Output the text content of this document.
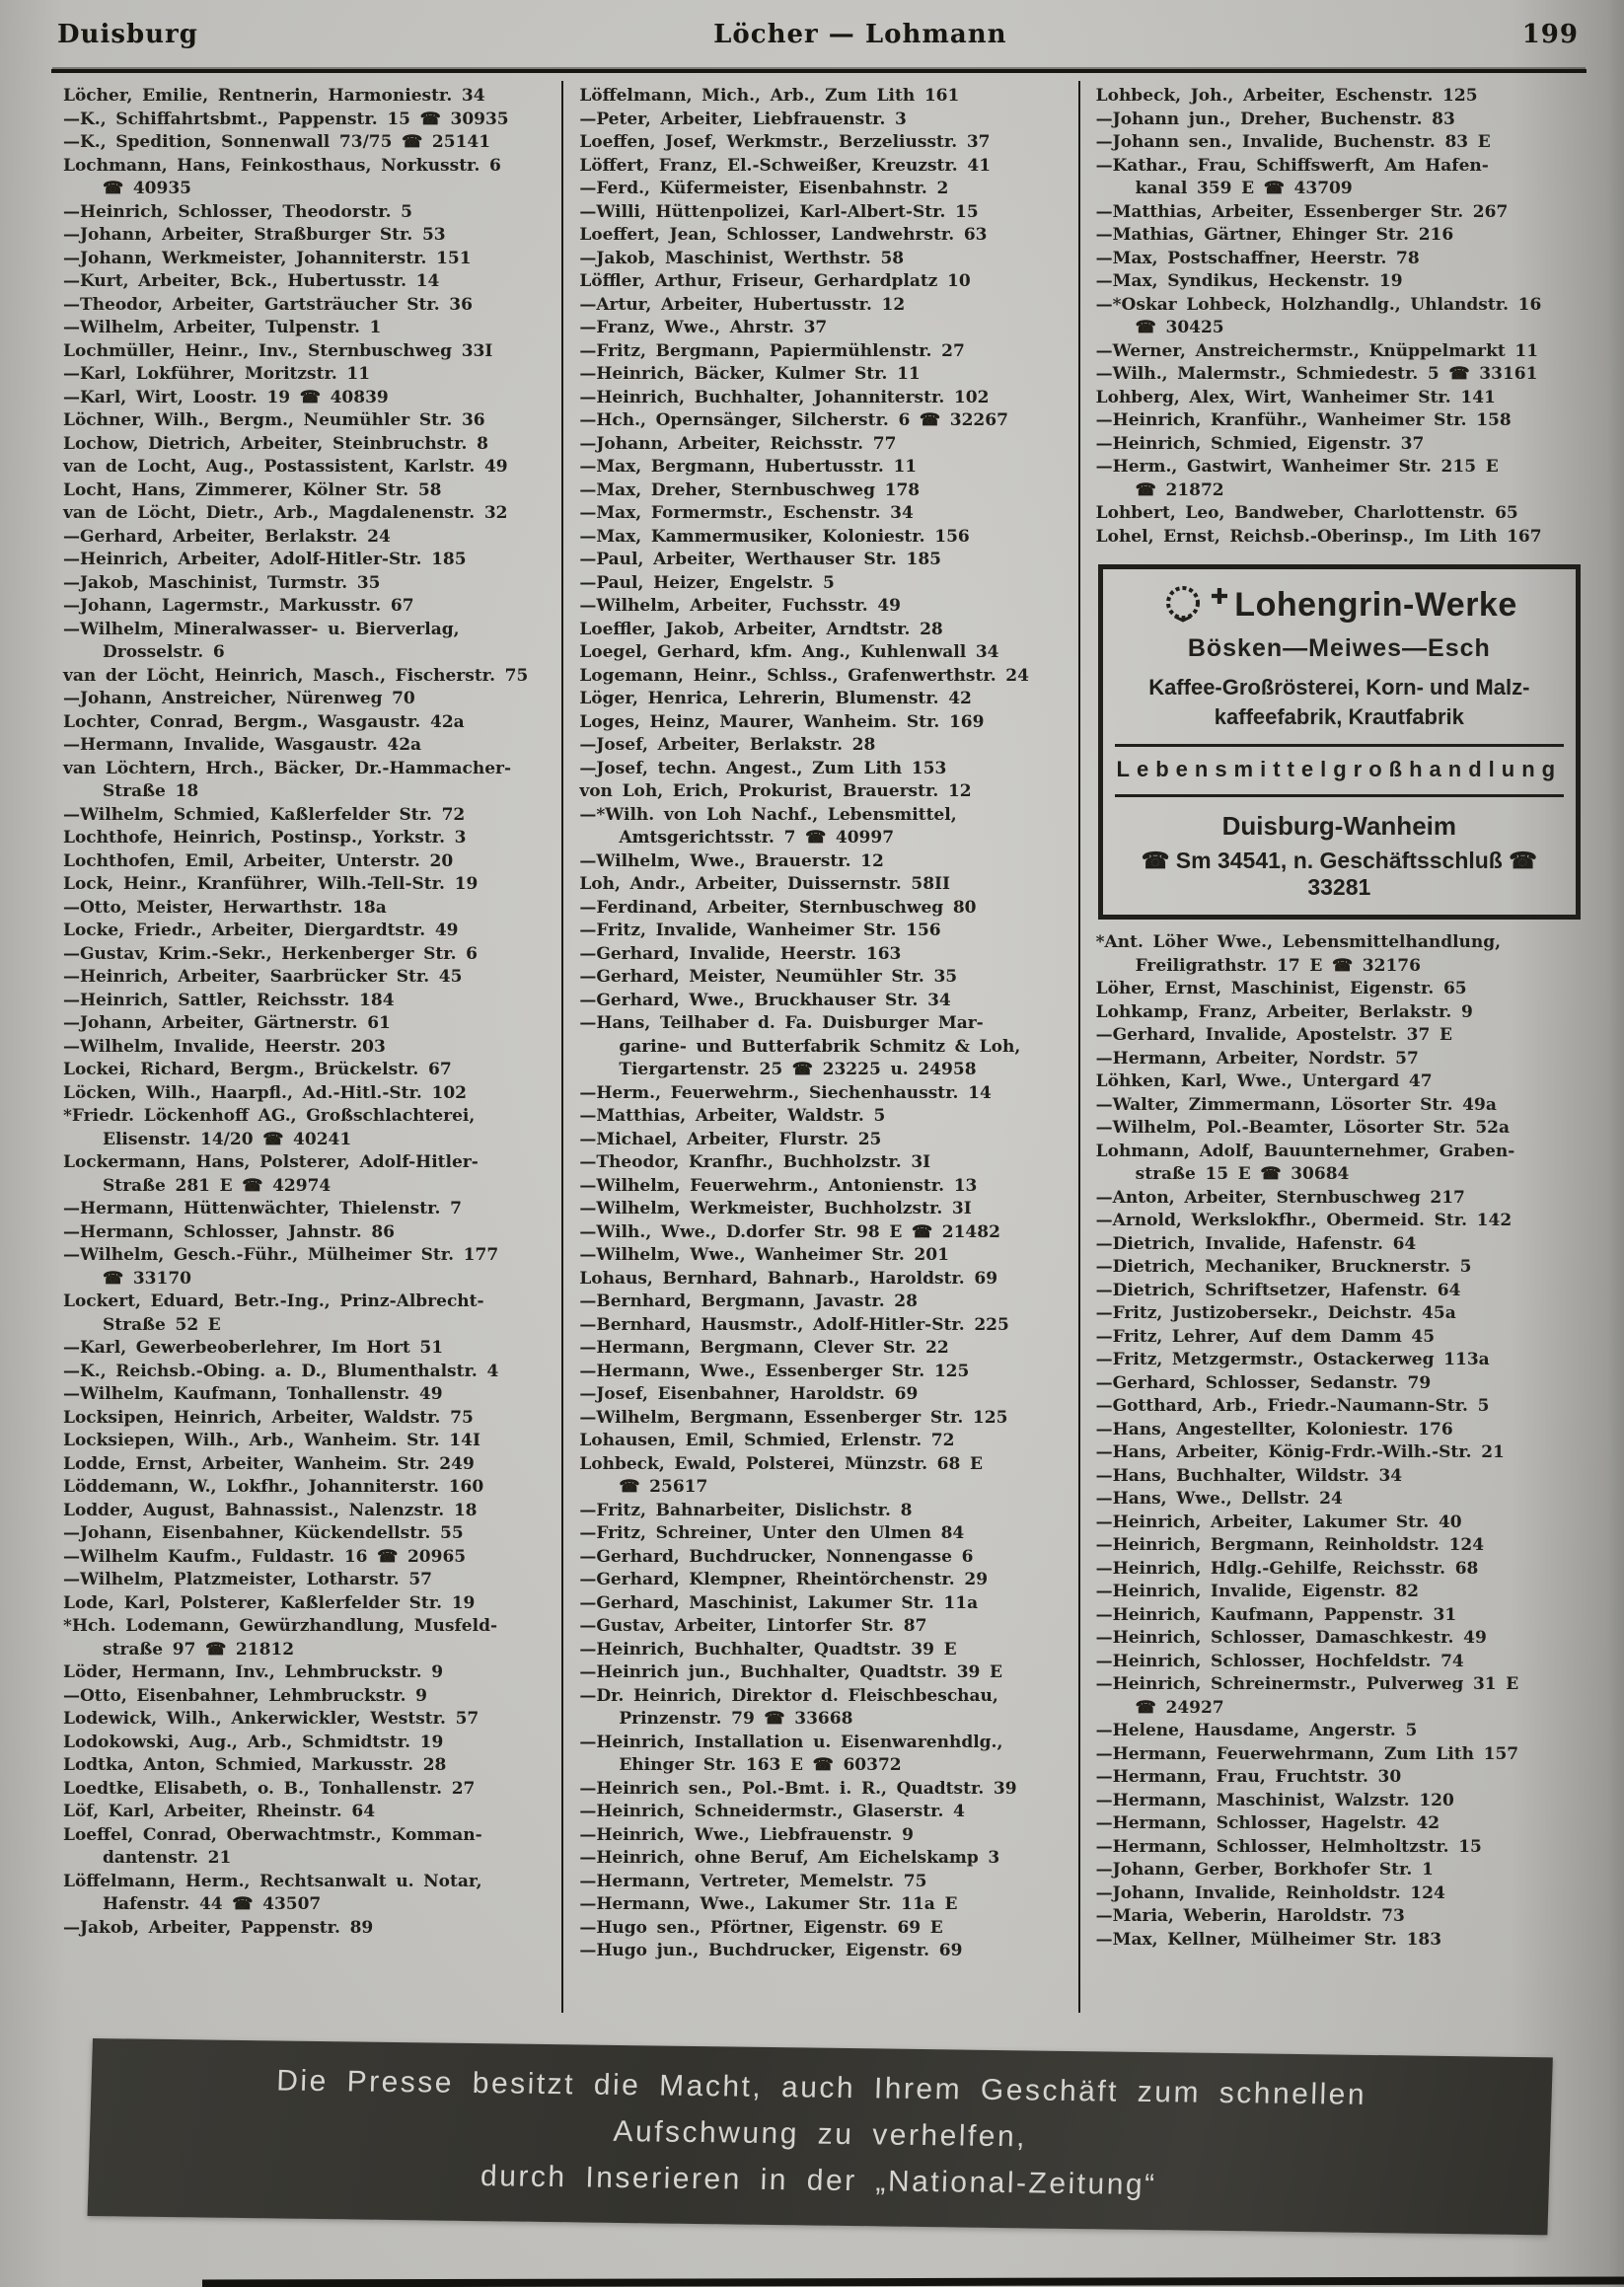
Duisburg	Löcher — Lohmann	199

Löcher, Emilie, Rentnerin, Harmoniestr. 34

—K., Schiffahrtsbmt., Pappenstr. 15 ☎ 30935

—K., Spedition, Sonnenwall 73/75 ☎ 25141

Lochmann, Hans, Feinkosthaus, Norkusstr. 6
☎ 40935

—Heinrich, Schlosser, Theodorstr. 5

—Johann, Arbeiter, Straßburger Str. 53

—Johann, Werkmeister, Johanniterstr. 151

—Kurt, Arbeiter, Bck., Hubertusstr. 14

—Theodor, Arbeiter, Gartsträucher Str. 36

—Wilhelm, Arbeiter, Tulpenstr. 1

Lochmüller, Heinr., Inv., Sternbuschweg 33I

—Karl, Lokführer, Moritzstr. 11

—Karl, Wirt, Loostr. 19 ☎ 40839

Löchner, Wilh., Bergm., Neumühler Str. 36

Lochow, Dietrich, Arbeiter, Steinbruchstr. 8

van de Locht, Aug., Postassistent, Karlstr. 49

Locht, Hans, Zimmerer, Kölner Str. 58

van de Löcht, Dietr., Arb., Magdalenenstr. 32

—Gerhard, Arbeiter, Berlakstr. 24

—Heinrich, Arbeiter, Adolf-Hitler-Str. 185

—Jakob, Maschinist, Turmstr. 35

—Johann, Lagermstr., Markusstr. 67

—Wilhelm, Mineralwasser- u. Bierverlag,
Drosselstr. 6

van der Löcht, Heinrich, Masch., Fischerstr. 75

—Johann, Anstreicher, Nürenweg 70

Lochter, Conrad, Bergm., Wasgaustr. 42a

—Hermann, Invalide, Wasgaustr. 42a

van Löchtern, Hrch., Bäcker, Dr.-Hammacher-
Straße 18

—Wilhelm, Schmied, Kaßlerfelder Str. 72

Lochthofe, Heinrich, Postinsp., Yorkstr. 3

Lochthofen, Emil, Arbeiter, Unterstr. 20

Lock, Heinr., Kranführer, Wilh.-Tell-Str. 19

—Otto, Meister, Herwarthstr. 18a

Locke, Friedr., Arbeiter, Diergardtstr. 49

—Gustav, Krim.-Sekr., Herkenberger Str. 6

—Heinrich, Arbeiter, Saarbrücker Str. 45

—Heinrich, Sattler, Reichsstr. 184

—Johann, Arbeiter, Gärtnerstr. 61

—Wilhelm, Invalide, Heerstr. 203

Lockei, Richard, Bergm., Brückelstr. 67

Löcken, Wilh., Haarpfl., Ad.-Hitl.-Str. 102

*Friedr. Löckenhoff AG., Großschlachterei,
Elisenstr. 14/20 ☎ 40241

Lockermann, Hans, Polsterer, Adolf-Hitler-
Straße 281 E ☎ 42974

—Hermann, Hüttenwächter, Thielenstr. 7

—Hermann, Schlosser, Jahnstr. 86

—Wilhelm, Gesch.-Führ., Mülheimer Str. 177
☎ 33170

Lockert, Eduard, Betr.-Ing., Prinz-Albrecht-
Straße 52 E

—Karl, Gewerbeoberlehrer, Im Hort 51

—K., Reichsb.-Obing. a. D., Blumenthalstr. 4

—Wilhelm, Kaufmann, Tonhallenstr. 49

Locksipen, Heinrich, Arbeiter, Waldstr. 75

Locksiepen, Wilh., Arb., Wanheim. Str. 14I

Lodde, Ernst, Arbeiter, Wanheim. Str. 249

Löddemann, W., Lokfhr., Johanniterstr. 160

Lodder, August, Bahnassist., Nalenzstr. 18

—Johann, Eisenbahner, Kückendellstr. 55

—Wilhelm Kaufm., Fuldastr. 16 ☎ 20965

—Wilhelm, Platzmeister, Lotharstr. 57

Lode, Karl, Polsterer, Kaßlerfelder Str. 19

*Hch. Lodemann, Gewürzhandlung, Musfeld-
straße 97 ☎ 21812

Löder, Hermann, Inv., Lehmbruckstr. 9

—Otto, Eisenbahner, Lehmbruckstr. 9

Lodewick, Wilh., Ankerwickler, Weststr. 57

Lodokowski, Aug., Arb., Schmidtstr. 19

Lodtka, Anton, Schmied, Markusstr. 28

Loedtke, Elisabeth, o. B., Tonhallenstr. 27

Löf, Karl, Arbeiter, Rheinstr. 64

Loeffel, Conrad, Oberwachtmstr., Komman-
dantenstr. 21

Löffelmann, Herm., Rechtsanwalt u. Notar,
Hafenstr. 44 ☎ 43507

—Jakob, Arbeiter, Pappenstr. 89

Löffelmann, Mich., Arb., Zum Lith 161

—Peter, Arbeiter, Liebfrauenstr. 3

Loeffen, Josef, Werkmstr., Berzeliusstr. 37

Löffert, Franz, El.-Schweißer, Kreuzstr. 41

—Ferd., Küfermeister, Eisenbahnstr. 2

—Willi, Hüttenpolizei, Karl-Albert-Str. 15

Loeffert, Jean, Schlosser, Landwehrstr. 63

—Jakob, Maschinist, Werthstr. 58

Löffler, Arthur, Friseur, Gerhardplatz 10

—Artur, Arbeiter, Hubertusstr. 12

—Franz, Wwe., Ahrstr. 37

—Fritz, Bergmann, Papiermühlenstr. 27

—Heinrich, Bäcker, Kulmer Str. 11

—Heinrich, Buchhalter, Johanniterstr. 102

—Hch., Opernsänger, Silcherstr. 6 ☎ 32267

—Johann, Arbeiter, Reichsstr. 77

—Max, Bergmann, Hubertusstr. 11

—Max, Dreher, Sternbuschweg 178

—Max, Formermstr., Eschenstr. 34

—Max, Kammermusiker, Koloniestr. 156

—Paul, Arbeiter, Werthauser Str. 185

—Paul, Heizer, Engelstr. 5

—Wilhelm, Arbeiter, Fuchsstr. 49

Loeffler, Jakob, Arbeiter, Arndtstr. 28

Loegel, Gerhard, kfm. Ang., Kuhlenwall 34

Logemann, Heinr., Schlss., Grafenwerthstr. 24

Löger, Henrica, Lehrerin, Blumenstr. 42

Loges, Heinz, Maurer, Wanheim. Str. 169

—Josef, Arbeiter, Berlakstr. 28

—Josef, techn. Angest., Zum Lith 153

von Loh, Erich, Prokurist, Brauerstr. 12

—*Wilh. von Loh Nachf., Lebensmittel,
Amtsgerichtsstr. 7 ☎ 40997

—Wilhelm, Wwe., Brauerstr. 12

Loh, Andr., Arbeiter, Duissernstr. 58II

—Ferdinand, Arbeiter, Sternbuschweg 80

—Fritz, Invalide, Wanheimer Str. 156

—Gerhard, Invalide, Heerstr. 163

—Gerhard, Meister, Neumühler Str. 35

—Gerhard, Wwe., Bruckhauser Str. 34

—Hans, Teilhaber d. Fa. Duisburger Mar-
garine- und Butterfabrik Schmitz & Loh,
Tiergartenstr. 25 ☎ 23225 u. 24958

—Herm., Feuerwehrm., Siechenhausstr. 14

—Matthias, Arbeiter, Waldstr. 5

—Michael, Arbeiter, Flurstr. 25

—Theodor, Kranfhr., Buchholzstr. 3I

—Wilhelm, Feuerwehrm., Antonienstr. 13

—Wilhelm, Werkmeister, Buchholzstr. 3I

—Wilh., Wwe., D.dorfer Str. 98 E ☎ 21482

—Wilhelm, Wwe., Wanheimer Str. 201

Lohaus, Bernhard, Bahnarb., Haroldstr. 69

—Bernhard, Bergmann, Javastr. 28

—Bernhard, Hausmstr., Adolf-Hitler-Str. 225

—Hermann, Bergmann, Clever Str. 22

—Hermann, Wwe., Essenberger Str. 125

—Josef, Eisenbahner, Haroldstr. 69

—Wilhelm, Bergmann, Essenberger Str. 125

Lohausen, Emil, Schmied, Erlenstr. 72

Lohbeck, Ewald, Polsterei, Münzstr. 68 E
☎ 25617

—Fritz, Bahnarbeiter, Dislichstr. 8

—Fritz, Schreiner, Unter den Ulmen 84

—Gerhard, Buchdrucker, Nonnengasse 6

—Gerhard, Klempner, Rheintörchenstr. 29

—Gerhard, Maschinist, Lakumer Str. 11a

—Gustav, Arbeiter, Lintorfer Str. 87

—Heinrich, Buchhalter, Quadtstr. 39 E

—Heinrich jun., Buchhalter, Quadtstr. 39 E

—Dr. Heinrich, Direktor d. Fleischbeschau,
Prinzenstr. 79 ☎ 33668

—Heinrich, Installation u. Eisenwarenhdlg.,
Ehinger Str. 163 E ☎ 60372

—Heinrich sen., Pol.-Bmt. i. R., Quadtstr. 39

—Heinrich, Schneidermstr., Glaserstr. 4

—Heinrich, Wwe., Liebfrauenstr. 9

—Heinrich, ohne Beruf, Am Eichelskamp 3

—Hermann, Vertreter, Memelstr. 75

—Hermann, Wwe., Lakumer Str. 11a E

—Hugo sen., Pförtner, Eigenstr. 69 E

—Hugo jun., Buchdrucker, Eigenstr. 69

Lohbeck, Joh., Arbeiter, Eschenstr. 125

—Johann jun., Dreher, Buchenstr. 83

—Johann sen., Invalide, Buchenstr. 83 E

—Kathar., Frau, Schiffswerft, Am Hafen-
kanal 359 E ☎ 43709

—Matthias, Arbeiter, Essenberger Str. 267

—Mathias, Gärtner, Ehinger Str. 216

—Max, Postschaffner, Heerstr. 78

—Max, Syndikus, Heckenstr. 19

—*Oskar Lohbeck, Holzhandlg., Uhlandstr. 16
☎ 30425

—Werner, Anstreichermstr., Knüppelmarkt 11

—Wilh., Malermstr., Schmiedestr. 5 ☎ 33161

Lohberg, Alex, Wirt, Wanheimer Str. 141

—Heinrich, Kranführ., Wanheimer Str. 158

—Heinrich, Schmied, Eigenstr. 37

—Herm., Gastwirt, Wanheimer Str. 215 E
☎ 21872

Lohbert, Leo, Bandweber, Charlottenstr. 65

Lohel, Ernst, Reichsb.-Oberinsp., Im Lith 167

✚ Lohengrin-Werke
Bösken—Meiwes—Esch
Kaffee-Großrösterei, Korn- und Malz-
kaffeefabrik, Krautfabrik
Lebensmittelgroßhandlung
Duisburg-Wanheim
☎ Sm 34541, n. Geschäftsschluß ☎ 33281

*Ant. Löher Wwe., Lebensmittelhandlung,
Freiligrathstr. 17 E ☎ 32176

Löher, Ernst, Maschinist, Eigenstr. 65

Lohkamp, Franz, Arbeiter, Berlakstr. 9

—Gerhard, Invalide, Apostelstr. 37 E

—Hermann, Arbeiter, Nordstr. 57

Löhken, Karl, Wwe., Untergard 47

—Walter, Zimmermann, Lösorter Str. 49a

—Wilhelm, Pol.-Beamter, Lösorter Str. 52a

Lohmann, Adolf, Bauunternehmer, Graben-
straße 15 E ☎ 30684

—Anton, Arbeiter, Sternbuschweg 217

—Arnold, Werkslokfhr., Obermeid. Str. 142

—Dietrich, Invalide, Hafenstr. 64

—Dietrich, Mechaniker, Brucknerstr. 5

—Dietrich, Schriftsetzer, Hafenstr. 64

—Fritz, Justizobersekr., Deichstr. 45a

—Fritz, Lehrer, Auf dem Damm 45

—Fritz, Metzgermstr., Ostackerweg 113a

—Gerhard, Schlosser, Sedanstr. 79

—Gotthard, Arb., Friedr.-Naumann-Str. 5

—Hans, Angestellter, Koloniestr. 176

—Hans, Arbeiter, König-Frdr.-Wilh.-Str. 21

—Hans, Buchhalter, Wildstr. 34

—Hans, Wwe., Dellstr. 24

—Heinrich, Arbeiter, Lakumer Str. 40

—Heinrich, Bergmann, Reinholdstr. 124

—Heinrich, Hdlg.-Gehilfe, Reichsstr. 68

—Heinrich, Invalide, Eigenstr. 82

—Heinrich, Kaufmann, Pappenstr. 31

—Heinrich, Schlosser, Damaschkestr. 49

—Heinrich, Schlosser, Hochfeldstr. 74

—Heinrich, Schreinermstr., Pulverweg 31 E
☎ 24927

—Helene, Hausdame, Angerstr. 5

—Hermann, Feuerwehrmann, Zum Lith 157

—Hermann, Frau, Fruchtstr. 30

—Hermann, Maschinist, Walzstr. 120

—Hermann, Schlosser, Hagelstr. 42

—Hermann, Schlosser, Helmholtzstr. 15

—Johann, Gerber, Borkhofer Str. 1

—Johann, Invalide, Reinholdstr. 124

—Maria, Weberin, Haroldstr. 73

—Max, Kellner, Mülheimer Str. 183

Die Presse besitzt die Macht, auch Ihrem Geschäft zum schnellen
Aufschwung zu verhelfen,
durch Inserieren in der „National-Zeitung“
